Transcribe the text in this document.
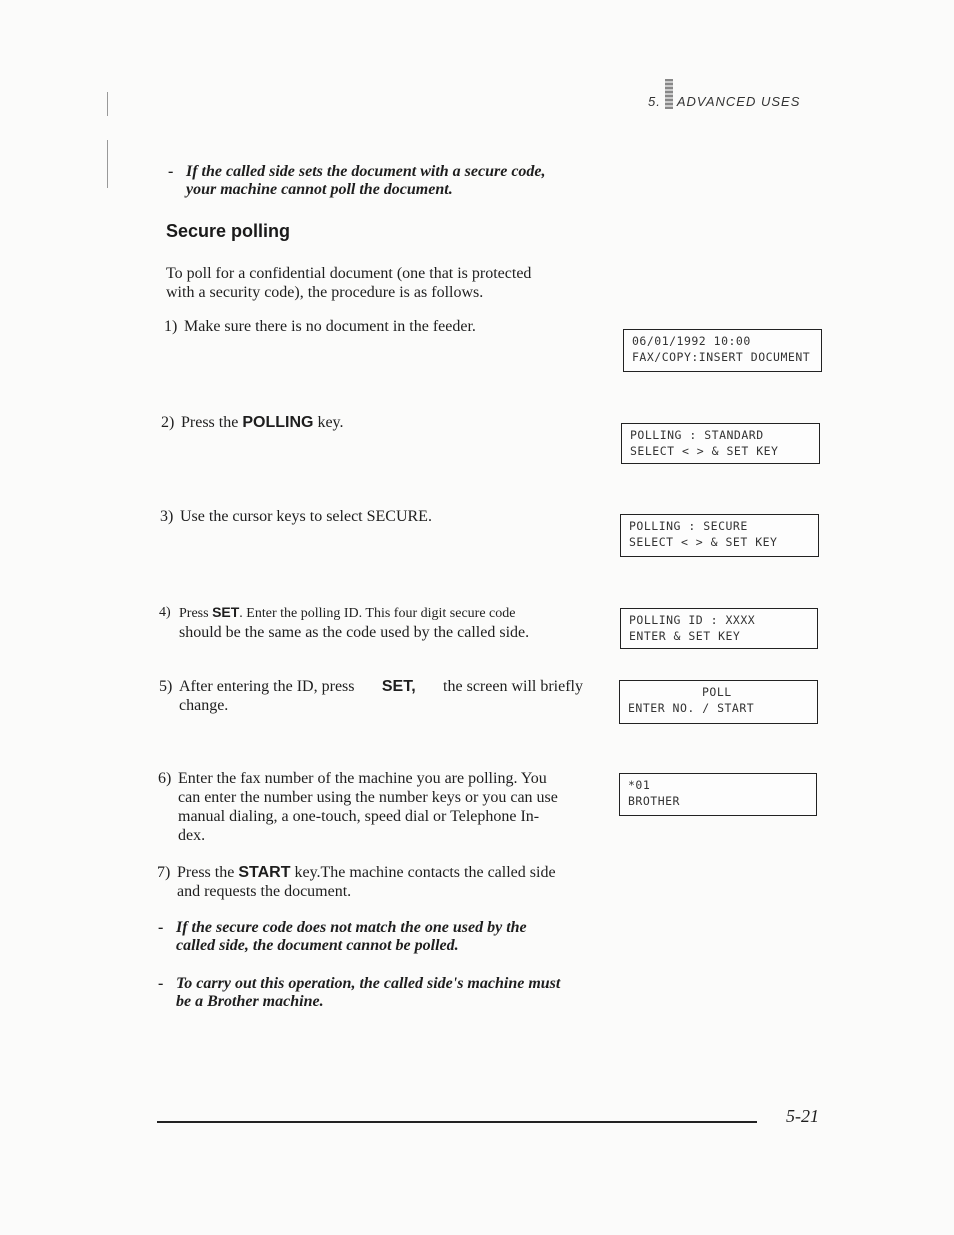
5. ADVANCED USES
- If the called side sets the document with a secure code,
your machine cannot poll the document.
Secure polling
To poll for a confidential document (one that is protected
with a security code), the procedure is as follows.
1) Make sure there is no document in the feeder.
2) Press the POLLING key.
3) Use the cursor keys to select SECURE.
4) Press SET. Enter the polling ID. This four digit secure code
should be the same as the code used by the called side.
5) After entering the ID, press SET, the screen will briefly
change.
6) Enter the fax number of the machine you are polling. You
can enter the number using the number keys or you can use
manual dialing, a one-touch, speed dial or Telephone In-
dex.
7) Press the START key.The machine contacts the called side
and requests the document.
- If the secure code does not match the one used by the
called side, the document cannot be polled.
- To carry out this operation, the called side's machine must
be a Brother machine.
06/01/1992 10:00
FAX/COPY:INSERT DOCUMENT
POLLING : STANDARD
SELECT < > & SET KEY
POLLING : SECURE
SELECT < > & SET KEY
POLLING ID : XXXX
ENTER & SET KEY
POLL
ENTER NO. / START
*01
BROTHER
5-21
